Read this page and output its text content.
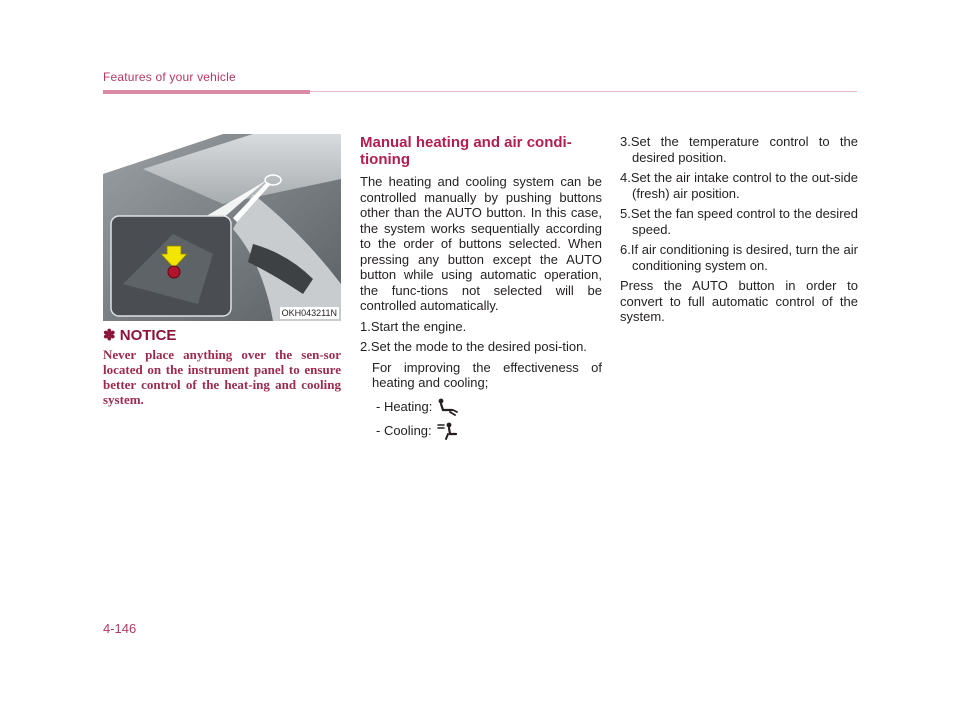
Features of your vehicle
OKH043211N
✽ NOTICE
Never place anything over the sen-sor located on the instrument panel to ensure better control of the heat-ing and cooling system.
Manual heating and air condi-tioning
The heating and cooling system can be controlled manually by pushing buttons other than the AUTO button. In this case, the system works sequentially according to the order of buttons selected. When pressing any button except the AUTO button while using automatic operation, the func-tions not selected will be controlled automatically.
1.Start the engine.
2.Set the mode to the desired posi-tion.
For improving the effectiveness of heating and cooling;
- Heating:
- Cooling:
3.Set the temperature control to the desired position.
4.Set the air intake control to the out-side (fresh) air position.
5.Set the fan speed control to the desired speed.
6.If air conditioning is desired, turn the air conditioning system on.
Press the AUTO button in order to convert to full automatic control of the system.
4-146
